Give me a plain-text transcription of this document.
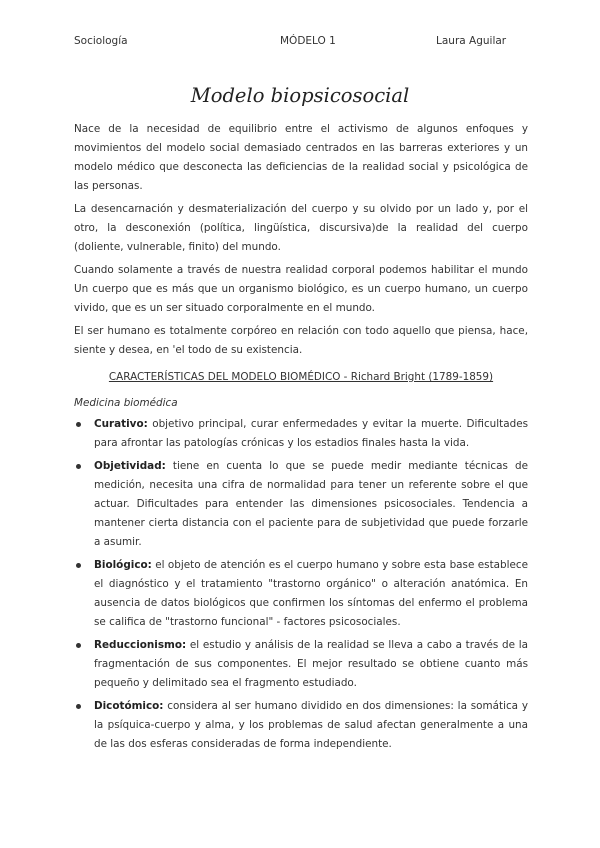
Sociología	MÓDELO 1	Laura Aguilar
Modelo biopsicosocial

Nace de la necesidad de equilibrio entre el activismo de algunos enfoques y movimientos del modelo social demasiado centrados en las barreras exteriores y un modelo médico que desconecta las deficiencias de la realidad social y psicológica de las personas.

La desencarnación y desmaterialización del cuerpo y su olvido por un lado y, por el otro, la desconexión (política, lingüística, discursiva)de la realidad del cuerpo (doliente, vulnerable, finito) del mundo.

Cuando solamente a través de nuestra realidad corporal podemos habilitar el mundo Un cuerpo que es más que un organismo biológico, es un cuerpo humano, un cuerpo vivido, que es un ser situado corporalmente en el mundo.

El ser humano es totalmente corpóreo en relación con todo aquello que piensa, hace, siente y desea, en 'el todo de su existencia.

CARACTERÍSTICAS DEL MODELO BIOMÉDICO - Richard Bright (1789-1859)
Medicina biomédica
Curativo: objetivo principal, curar enfermedades y evitar la muerte. Dificultades para afrontar las patologías crónicas y los estadios finales hasta la vida.
Objetividad: tiene en cuenta lo que se puede medir mediante técnicas de medición, necesita una cifra de normalidad para tener un referente sobre el que actuar. Dificultades para entender las dimensiones psicosociales. Tendencia a mantener cierta distancia con el paciente para de subjetividad que puede forzarle a asumir.
Biológico: el objeto de atención es el cuerpo humano y sobre esta base establece el diagnóstico y el tratamiento "trastorno orgánico" o alteración anatómica. En ausencia de datos biológicos que confirmen los síntomas del enfermo el problema se califica de "trastorno funcional" - factores psicosociales.
Reduccionismo: el estudio y análisis de la realidad se lleva a cabo a través de la fragmentación de sus componentes. El mejor resultado se obtiene cuanto más pequeño y delimitado sea el fragmento estudiado.
Dicotómico: considera al ser humano dividido en dos dimensiones: la somática y la psíquica-cuerpo y alma, y los problemas de salud afectan generalmente a una de las dos esferas consideradas de forma independiente.
